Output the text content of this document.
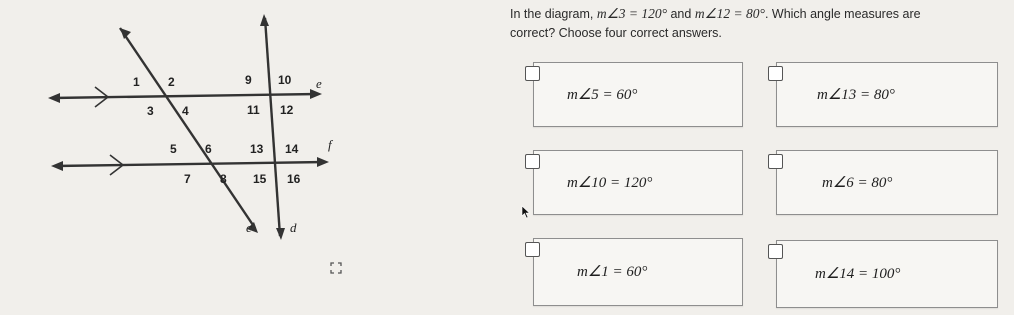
1 2
3 4
5 6
7 8
9 10
11 12
13 14
15 16
e
f
c	d
In the diagram, m∠3 = 120° and m∠12 = 80°. Which angle measures are
correct? Choose four correct answers.
m∠5 = 60°	m∠13 = 80°
m∠10 = 120°	m∠6 = 80°
m∠1 = 60°	m∠14 = 100°
